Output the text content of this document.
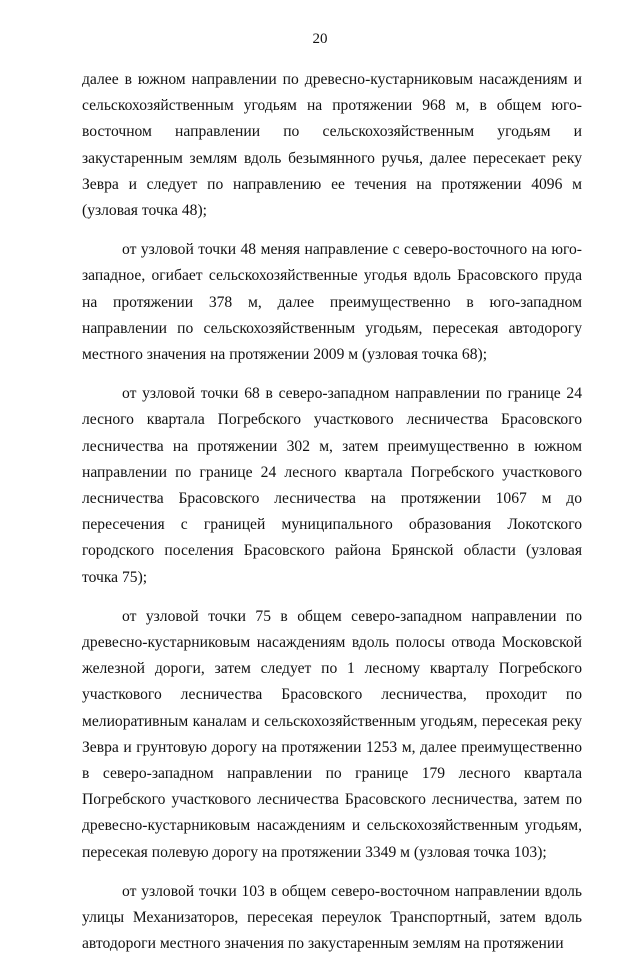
20

далее в южном направлении по древесно-кустарниковым насаждениям и сельскохозяйственным угодьям на протяжении 968 м, в общем юго-восточном направлении по сельскохозяйственным угодьям и закустаренным землям вдоль безымянного ручья, далее пересекает реку Зевра и следует по направлению ее течения на протяжении 4096 м (узловая точка 48);

от узловой точки 48 меняя направление с северо-восточного на юго-западное, огибает сельскохозяйственные угодья вдоль Брасовского пруда на протяжении 378 м, далее преимущественно в юго-западном направлении по сельскохозяйственным угодьям, пересекая автодорогу местного значения на протяжении 2009 м (узловая точка 68);

от узловой точки 68 в северо-западном направлении по границе 24 лесного квартала Погребского участкового лесничества Брасовского лесничества на протяжении 302 м, затем преимущественно в южном направлении по границе 24 лесного квартала Погребского участкового лесничества Брасовского лесничества на протяжении 1067 м до пересечения с границей муниципального образования Локотского городского поселения Брасовского района Брянской области (узловая точка 75);

от узловой точки 75 в общем северо-западном направлении по древесно-кустарниковым насаждениям вдоль полосы отвода Московской железной дороги, затем следует по 1 лесному кварталу Погребского участкового лесничества Брасовского лесничества, проходит по мелиоративным каналам и сельскохозяйственным угодьям, пересекая реку Зевра и грунтовую дорогу на протяжении 1253 м, далее преимущественно в северо-западном направлении по границе 179 лесного квартала Погребского участкового лесничества Брасовского лесничества, затем по древесно-кустарниковым насаждениям и сельскохозяйственным угодьям, пересекая полевую дорогу на протяжении 3349 м (узловая точка 103);

от узловой точки 103 в общем северо-восточном направлении вдоль улицы Механизаторов, пересекая переулок Транспортный, затем вдоль автодороги местного значения по закустаренным землям на протяжении
